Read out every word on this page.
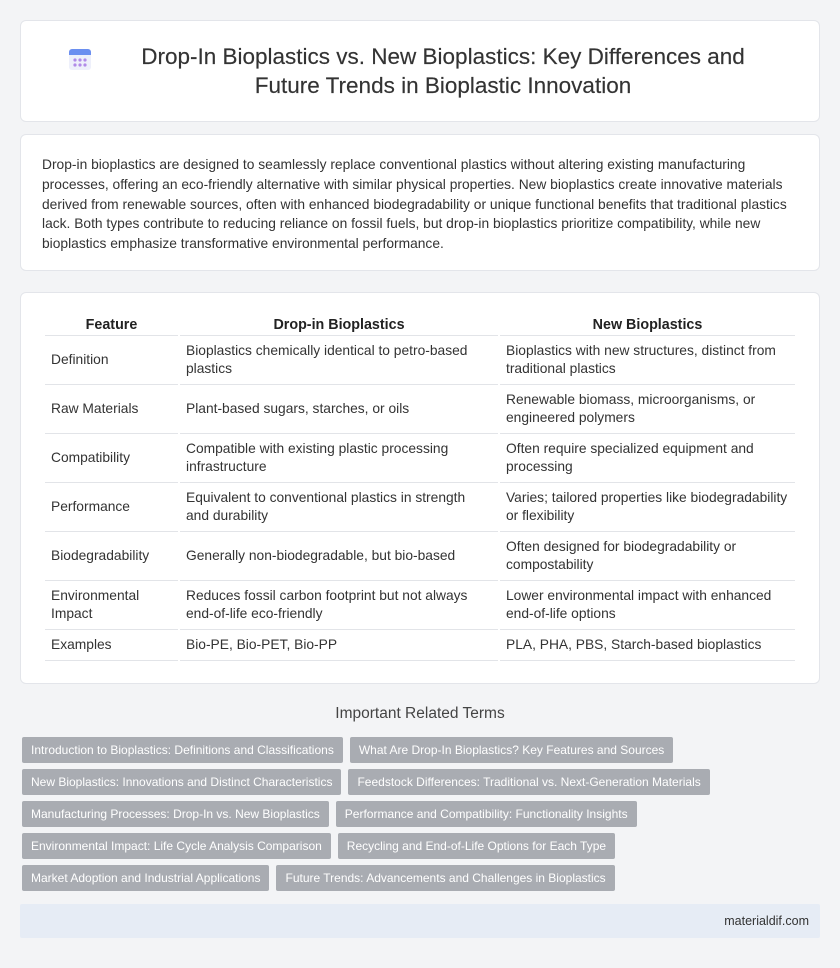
Drop-In Bioplastics vs. New Bioplastics: Key Differences and Future Trends in Bioplastic Innovation

Drop-in bioplastics are designed to seamlessly replace conventional plastics without altering existing manufacturing processes, offering an eco-friendly alternative with similar physical properties. New bioplastics create innovative materials derived from renewable sources, often with enhanced biodegradability or unique functional benefits that traditional plastics lack. Both types contribute to reducing reliance on fossil fuels, but drop-in bioplastics prioritize compatibility, while new bioplastics emphasize transformative environmental performance.

Feature	Drop-in Bioplastics	New Bioplastics
Definition	Bioplastics chemically identical to petro-based plastics	Bioplastics with new structures, distinct from traditional plastics
Raw Materials	Plant-based sugars, starches, or oils	Renewable biomass, microorganisms, or engineered polymers
Compatibility	Compatible with existing plastic processing infrastructure	Often require specialized equipment and processing
Performance	Equivalent to conventional plastics in strength and durability	Varies; tailored properties like biodegradability or flexibility
Biodegradability	Generally non-biodegradable, but bio-based	Often designed for biodegradability or compostability
Environmental Impact	Reduces fossil carbon footprint but not always end-of-life eco-friendly	Lower environmental impact with enhanced end-of-life options
Examples	Bio-PE, Bio-PET, Bio-PP	PLA, PHA, PBS, Starch-based bioplastics
Important Related Terms
Introduction to Bioplastics: Definitions and Classifications	What Are Drop-In Bioplastics? Key Features and Sources
New Bioplastics: Innovations and Distinct Characteristics	Feedstock Differences: Traditional vs. Next-Generation Materials
Manufacturing Processes: Drop-In vs. New Bioplastics	Performance and Compatibility: Functionality Insights
Environmental Impact: Life Cycle Analysis Comparison	Recycling and End-of-Life Options for Each Type
Market Adoption and Industrial Applications	Future Trends: Advancements and Challenges in Bioplastics
materialdif.com
